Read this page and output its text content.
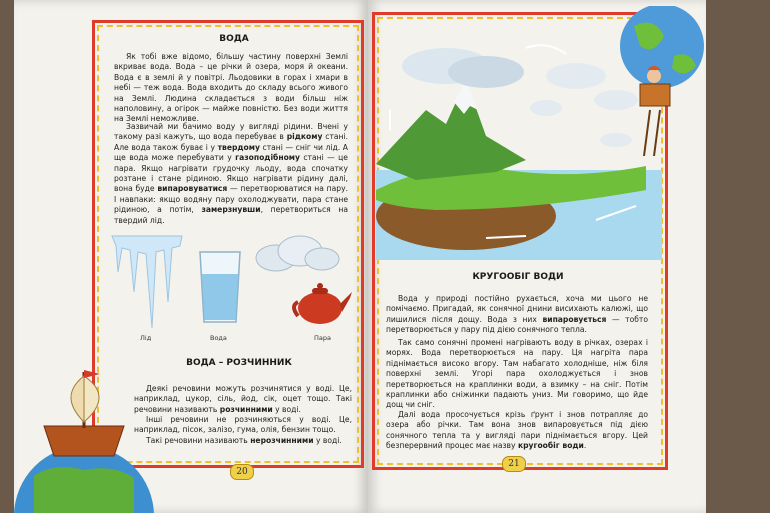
ВОДА

Як тобі вже відомо, більшу частину поверхні Землі вкриває вода. Вода – це річки й озера, моря й океани. Вода є в землі й у повітрі. Льодовики в горах і хмари в небі — теж вода. Вода входить до складу всього живого на Землі. Людина складається з води більш ніж наполовину, а огірок — майже повністю. Без води життя на Землі неможливе.

Зазвичай ми бачимо воду у вигляді рідини. Вчені у такому разі кажуть, що вода перебуває в рідкому стані. Але вода також буває і у твердому стані — сніг чи лід. А ще вода може перебувати у газоподібному стані — це пара. Якщо нагрівати грудочку льоду, вода спочатку розтане і стане рідиною. Якщо нагрівати рідину далі, вона буде випаровуватися — перетворюватися на пару. І навпаки: якщо водяну пару охолоджувати, пара стане рідиною, а потім, замерзнувши, перетвориться на твердий лід.

Лід	Вода	Пара
ВОДА – РОЗЧИННИК

Деякі речовини можуть розчинятися у воді. Це, наприклад, цукор, сіль, йод, сік, оцет тощо. Такі речовини називають розчинними у воді.

Інші речовини не розчиняються у воді. Це, наприклад, пісок, залізо, гума, олія, бензин тощо.

Такі речовини називають нерозчинними у воді.

20
КРУГООБІГ ВОДИ

Вода у природі постійно рухається, хоча ми цього не помічаємо. Пригадай, як сонячної днини висихають калюжі, що лишилися після дощу. Вода з них випаровується — тобто перетворюється у пару під дією сонячного тепла.

Так само сонячні промені нагрівають воду в річках, озерах і морях. Вода перетворюється на пару. Ця нагріта пара піднімається високо вгору. Там набагато холодніше, ніж біля поверхні землі. Угорі пара охолоджується і знов перетворюється на краплинки води, а взимку – на сніг. Потім краплинки або сніжинки падають униз. Ми говоримо, що йде дощ чи сніг.

Далі вода просочується крізь ґрунт і знов потрапляє до озера або річки. Там вона знов випаровується під дією сонячного тепла та у вигляді пари піднімається вгору. Цей безперервний процес має назву кругообіг води.

21
